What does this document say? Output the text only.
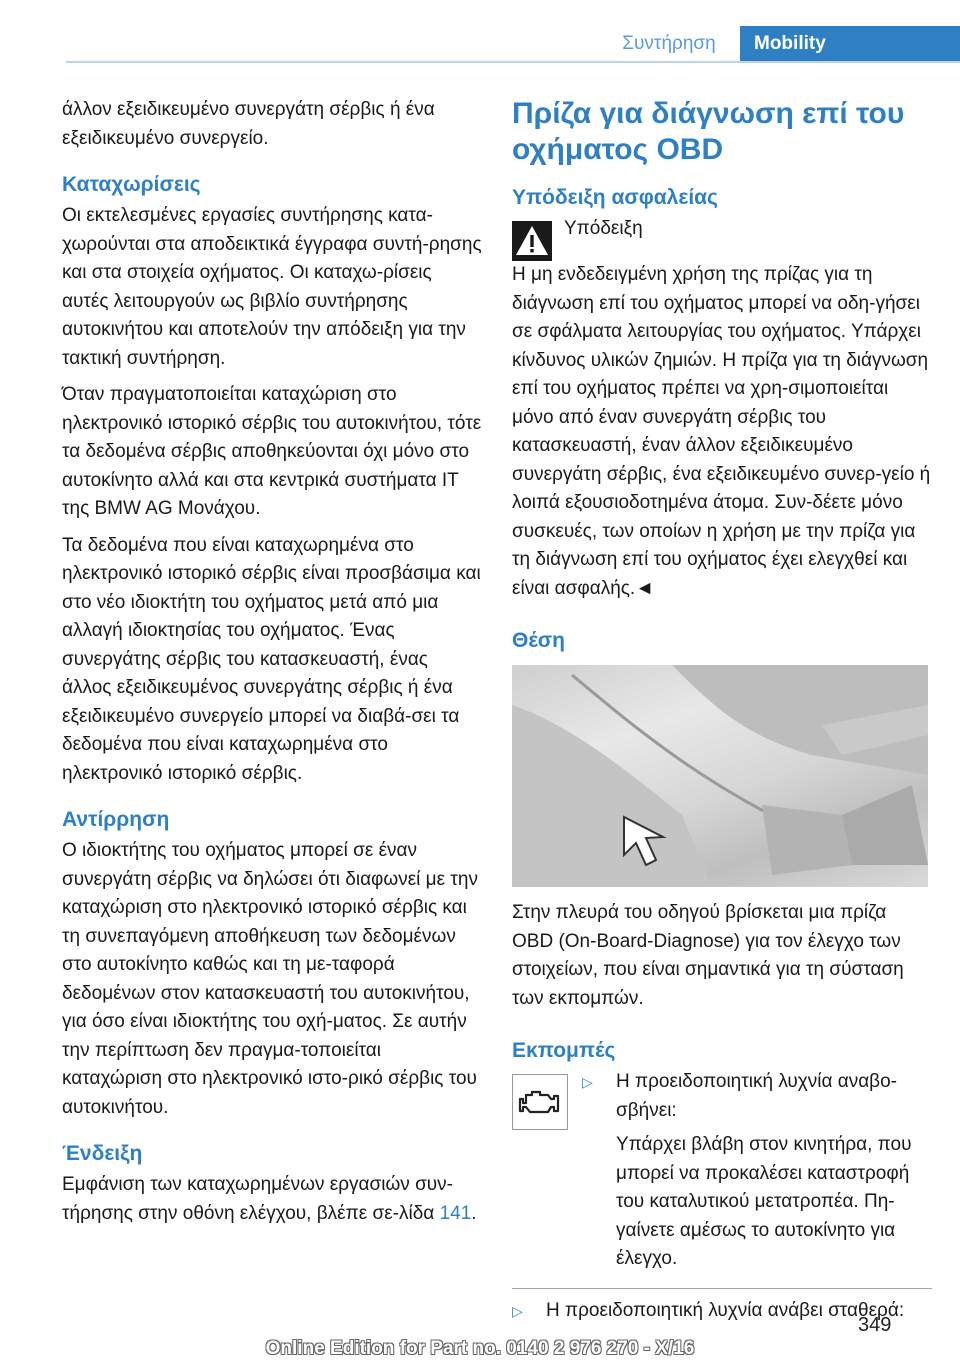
Συντήρηση	Mobility

άλλον εξειδικευμένο συνεργάτη σέρβις ή ένα εξειδικευμένο συνεργείο.

Καταχωρίσεις

Οι εκτελεσμένες εργασίες συντήρησης κατα-χωρούνται στα αποδεικτικά έγγραφα συντή-ρησης και στα στοιχεία οχήματος. Οι καταχω-ρίσεις αυτές λειτουργούν ως βιβλίο συντήρησης αυτοκινήτου και αποτελούν την απόδειξη για την τακτική συντήρηση.

Όταν πραγματοποιείται καταχώριση στο ηλεκτρονικό ιστορικό σέρβις του αυτοκινήτου, τότε τα δεδομένα σέρβις αποθηκεύονται όχι μόνο στο αυτοκίνητο αλλά και στα κεντρικά συστήματα IT της BMW AG Μονάχου.

Τα δεδομένα που είναι καταχωρημένα στο ηλεκτρονικό ιστορικό σέρβις είναι προσβάσιμα και στο νέο ιδιοκτήτη του οχήματος μετά από μια αλλαγή ιδιοκτησίας του οχήματος. Ένας συνεργάτης σέρβις του κατασκευαστή, ένας άλλος εξειδικευμένος συνεργάτης σέρβις ή ένα εξειδικευμένο συνεργείο μπορεί να διαβά-σει τα δεδομένα που είναι καταχωρημένα στο ηλεκτρονικό ιστορικό σέρβις.

Αντίρρηση

Ο ιδιοκτήτης του οχήματος μπορεί σε έναν συνεργάτη σέρβις να δηλώσει ότι διαφωνεί με την καταχώριση στο ηλεκτρονικό ιστορικό σέρβις και τη συνεπαγόμενη αποθήκευση των δεδομένων στο αυτοκίνητο καθώς και τη με-ταφορά δεδομένων στον κατασκευαστή του αυτοκινήτου, για όσο είναι ιδιοκτήτης του οχή-ματος. Σε αυτήν την περίπτωση δεν πραγμα-τοποιείται καταχώριση στο ηλεκτρονικό ιστο-ρικό σέρβις του αυτοκινήτου.

Ένδειξη

Εμφάνιση των καταχωρημένων εργασιών συν-τήρησης στην οθόνη ελέγχου, βλέπε σε-λίδα 141.

Πρίζα για διάγνωση επί του οχήματος OBD
Υπόδειξη ασφαλείας

Υπόδειξη

Η μη ενδεδειγμένη χρήση της πρίζας για τη διάγνωση επί του οχήματος μπορεί να οδη-γήσει σε σφάλματα λειτουργίας του οχήματος. Υπάρχει κίνδυνος υλικών ζημιών. Η πρίζα για τη διάγνωση επί του οχήματος πρέπει να χρη-σιμοποιείται μόνο από έναν συνεργάτη σέρβις του κατασκευαστή, έναν άλλον εξειδικευμένο συνεργάτη σέρβις, ένα εξειδικευμένο συνερ-γείο ή λοιπά εξουσιοδοτημένα άτομα. Συν-δέετε μόνο συσκευές, των οποίων η χρήση με την πρίζα για τη διάγνωση επί του οχήματος έχει ελεγχθεί και είναι ασφαλής.◄

Θέση

Στην πλευρά του οδηγού βρίσκεται μια πρίζα OBD (On-Board-Diagnose) για τον έλεγχο των στοιχείων, που είναι σημαντικά για τη σύσταση των εκπομπών.

Εκπομπές
▷	Η προειδοποιητική λυχνία αναβο-σβήνει:

Υπάρχει βλάβη στον κινητήρα, που μπορεί να προκαλέσει καταστροφή του καταλυτικού μετατροπέα. Πη-γαίνετε αμέσως το αυτοκίνητο για έλεγχο.

▷	Η προειδοποιητική λυχνία ανάβει σταθερά:

349
Online Edition for Part no. 0140 2 976 270 - X/16
